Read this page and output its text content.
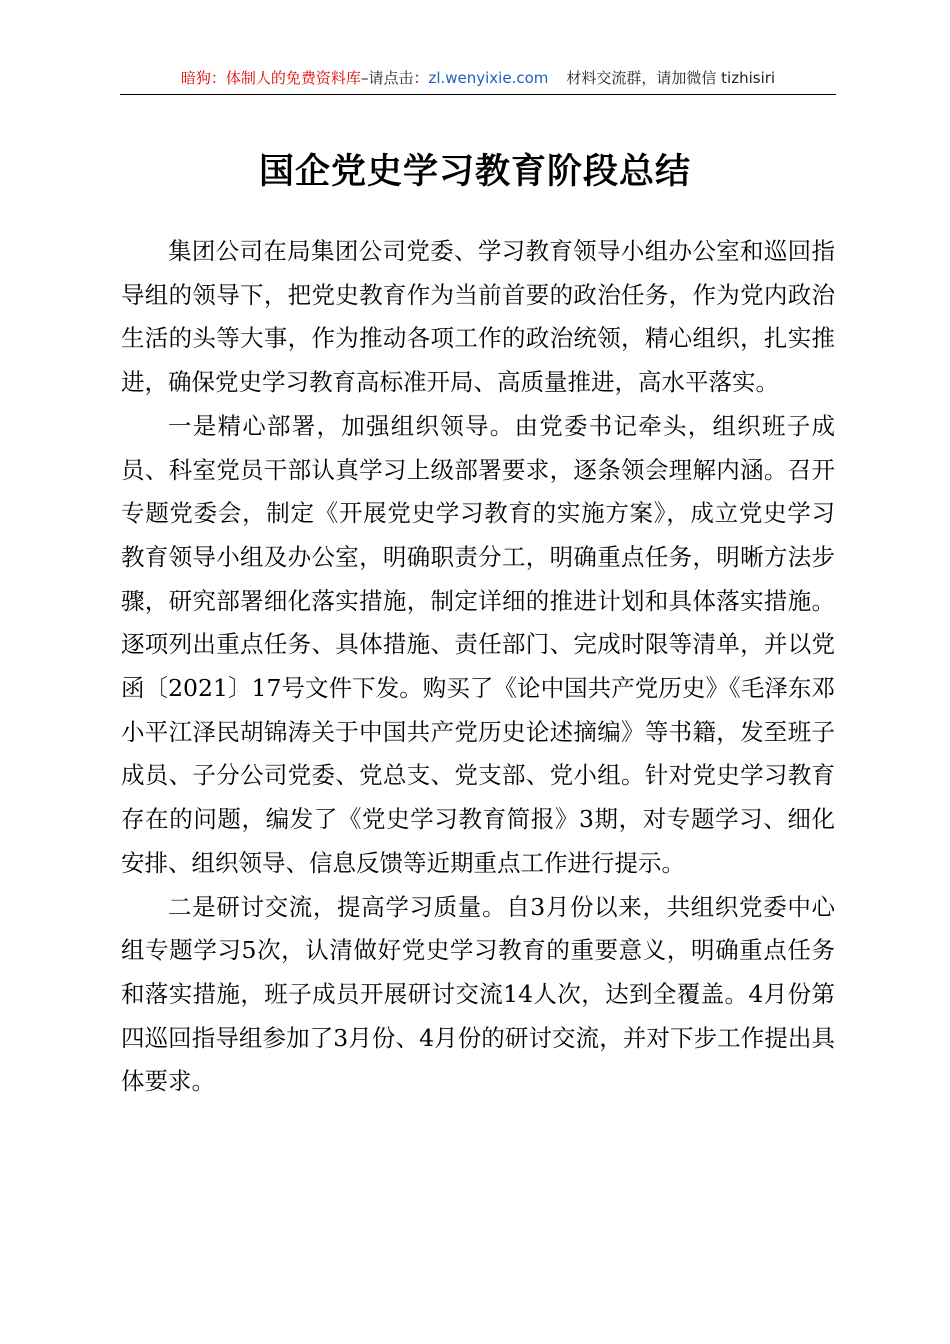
暗狗：体制人的免费资料库–请点击：zl.wenyixie.com 材料交流群，请加微信 tizhisiri
国企党史学习教育阶段总结

集团公司在局集团公司党委、学习教育领导小组办公室和巡回指导组的领导下，把党史教育作为当前首要的政治任务，作为党内政治生活的头等大事，作为推动各项工作的政治统领，精心组织，扎实推进，确保党史学习教育高标准开局、高质量推进，高水平落实。

一是精心部署，加强组织领导。由党委书记牵头，组织班子成员、科室党员干部认真学习上级部署要求，逐条领会理解内涵。召开专题党委会，制定《开展党史学习教育的实施方案》，成立党史学习教育领导小组及办公室，明确职责分工，明确重点任务，明晰方法步骤，研究部署细化落实措施，制定详细的推进计划和具体落实措施。逐项列出重点任务、具体措施、责任部门、完成时限等清单，并以党函〔2021〕17号文件下发。购买了《论中国共产党历史》《毛泽东邓小平江泽民胡锦涛关于中国共产党历史论述摘编》等书籍，发至班子成员、子分公司党委、党总支、党支部、党小组。针对党史学习教育存在的问题，编发了《党史学习教育简报》3期，对专题学习、细化安排、组织领导、信息反馈等近期重点工作进行提示。

二是研讨交流，提高学习质量。自3月份以来，共组织党委中心组专题学习5次，认清做好党史学习教育的重要意义，明确重点任务和落实措施，班子成员开展研讨交流14人次，达到全覆盖。4月份第四巡回指导组参加了3月份、4月份的研讨交流，并对下步工作提出具体要求。
